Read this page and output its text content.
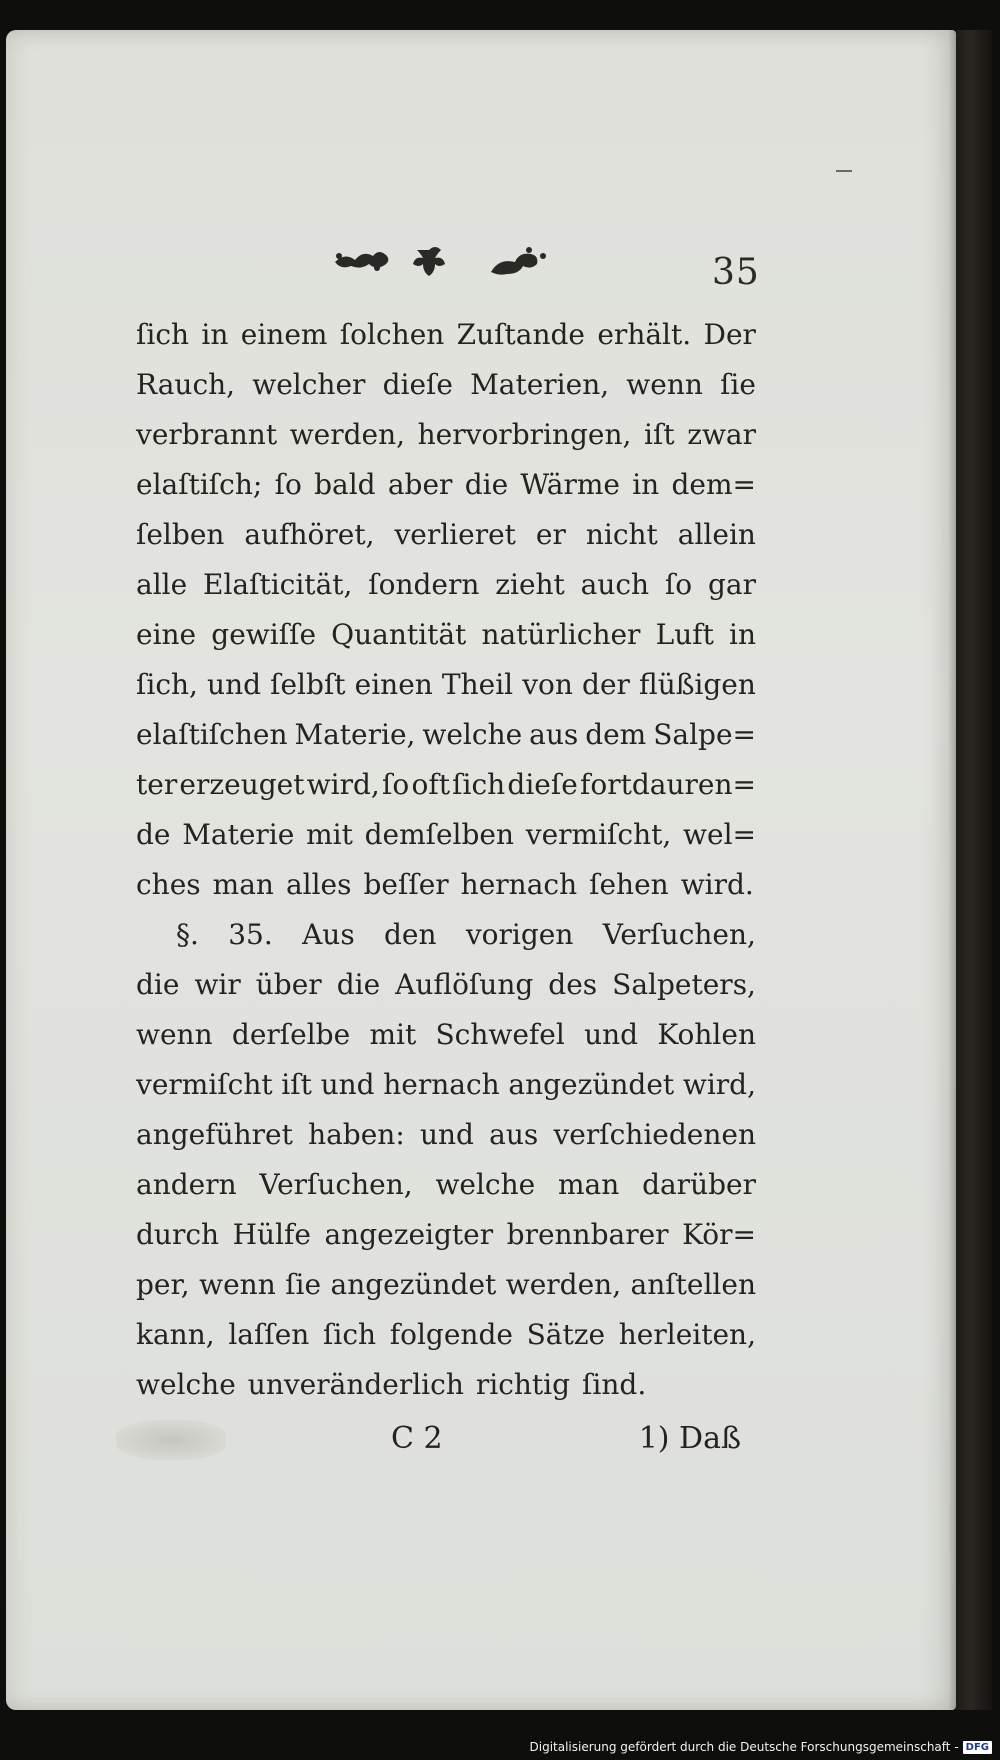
35
ſich in einem ſolchen Zuſtande erhält. Der
Rauch, welcher dieſe Materien, wenn ſie
verbrannt werden, hervorbringen, iſt zwar
elaſtiſch; ſo bald aber die Wärme in dem=
ſelben aufhöret, verlieret er nicht allein
alle Elaſticität, ſondern zieht auch ſo gar
eine gewiſſe Quantität natürlicher Luft in
ſich, und ſelbſt einen Theil von der flüßigen
elaſtiſchen Materie, welche aus dem Salpe=
ter erzeuget wird, ſo oft ſich dieſe fortdauren=
de Materie mit demſelben vermiſcht, wel=
ches man alles beſſer hernach ſehen wird.
§. 35. Aus den vorigen Verſuchen,
die wir über die Auflöſung des Salpeters,
wenn derſelbe mit Schwefel und Kohlen
vermiſcht iſt und hernach angezündet wird,
angeführet haben: und aus verſchiedenen
andern Verſuchen, welche man darüber
durch Hülfe angezeigter brennbarer Kör=
per, wenn ſie angezündet werden, anſtellen
kann, laſſen ſich folgende Sätze herleiten,
welche unveränderlich richtig ſind.
C 2	1) Daß
Digitalisierung gefördert durch die Deutsche Forschungsgemeinschaft - DFG
